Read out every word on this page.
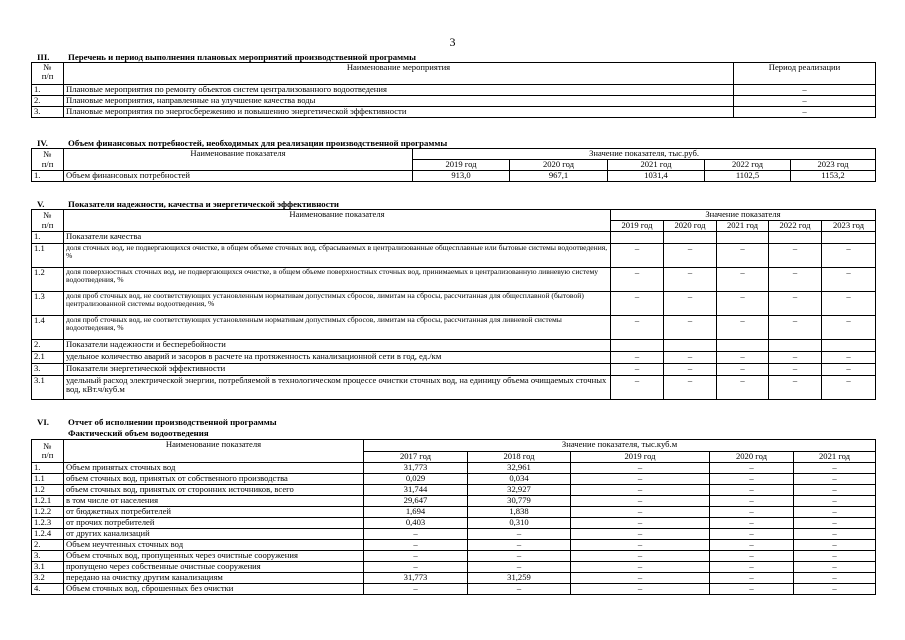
3
III. Перечень и период выполнения плановых мероприятий производственной программы
№
п/п	Наименование мероприятия	Период реализации
1.	Плановые мероприятия по ремонту объектов систем централизованного водоотведения	–
2.	Плановые мероприятия, направленные на улучшение качества воды	–
3.	Плановые мероприятия по энергосбережению и повышению энергетической эффективности	–
IV. Объем финансовых потребностей, необходимых для реализации производственной программы
№
п/п	Наименование показателя	Значение показателя, тыс.руб.				
		2019 год	2020 год	2021 год	2022 год	2023 год
1.	Объем финансовых потребностей	913,0	967,1	1031,4	1102,5	1153,2
V.	Показатели надежности, качества и энергетической эффективности
№
п/п	Наименование показателя	Значение показателя				
		2019 год	2020 год	2021 год	2022 год	2023 год
1.	Показатели качества					
1.1	доля сточных вод, не подвергающихся очистке, в общем объеме сточных вод, сбрасываемых в централизованные общесплавные или бытовые системы водоотведения, %	–	–	–	–	–
1.2	доля поверхностных сточных вод, не подвергающихся очистке, в общем объеме поверхностных сточных вод, принимаемых в централизованную ливневую систему водоотведения, %	–	–	–	–	–
1.3	доля проб сточных вод, не соответствующих установленным нормативам допустимых сбросов, лимитам на сбросы, рассчитанная для общесплавной (бытовой) централизованной системы водоотведения, %	–	–	–	–	–
1.4	доля проб сточных вод, не соответствующих установленным нормативам допустимых сбросов, лимитам на сбросы, рассчитанная для ливневой системы водоотведения, %	–	–	–	–	–
2.	Показатели надежности и бесперебойности					
2.1	удельное количество аварий и засоров в расчете на протяженность канализационной сети в год, ед./км	–	–	–	–	–
3.	Показатели энергетической эффективности	–	–	–	–	–
3.1	удельный расход электрической энергии, потребляемой в технологическом процессе очистки сточных вод, на единицу объема очищаемых сточных вод, кВт.ч/куб.м	–	–	–	–	–
VI. Отчет об исполнении производственной программы
Фактический объем водоотведения
№
п/п	Наименование показателя	Значение показателя, тыс.куб.м				
		2017 год	2018 год	2019 год	2020 год	2021 год
1.	Объем принятых сточных вод	31,773	32,961	–	–	–
1.1	объем сточных вод, принятых от собственного производства	0,029	0,034	–	–	–
1.2	объем сточных вод, принятых от сторонних источников, всего	31,744	32,927	–	–	–
1.2.1	в том числе от населения	29,647	30,779	–	–	–
1.2.2	от бюджетных потребителей	1,694	1,838	–	–	–
1.2.3	от прочих потребителей	0,403	0,310	–	–	–
1.2.4	от других канализаций	–	–	–	–	–
2.	Объем неучтенных сточных вод	–	–	–	–	–
3.	Объем сточных вод, пропущенных через очистные сооружения	–	–	–	–	–
3.1	пропущено через собственные очистные сооружения	–	–	–	–	–
3.2	передано на очистку другим канализациям	31,773	31,259	–	–	–
4.	Объем сточных вод, сброшенных без очистки	–	–	–	–	–
